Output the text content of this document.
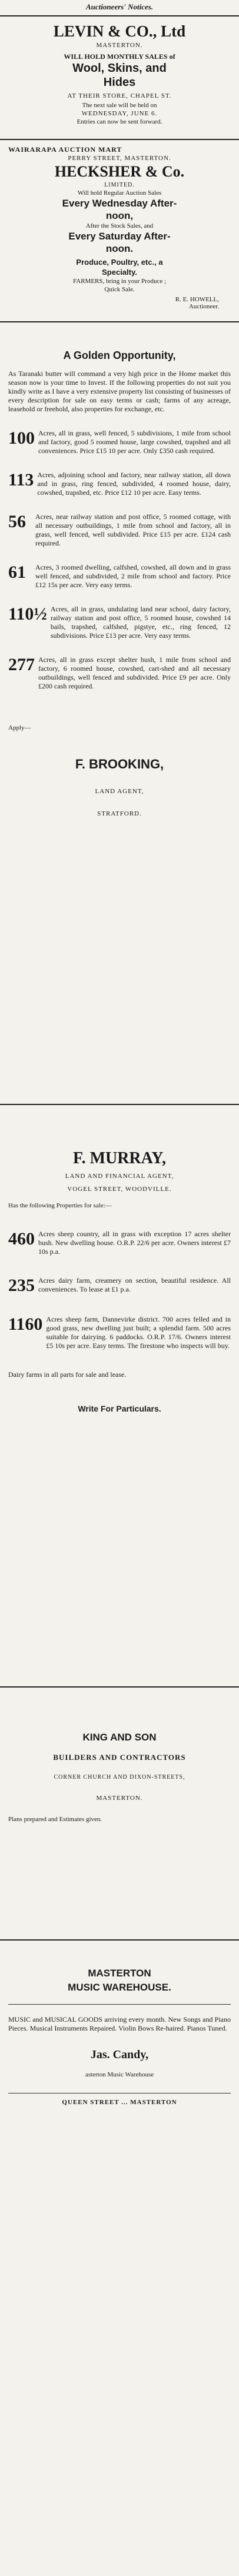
Auctioneers' Notices.
LEVIN & CO., Ltd
MASTERTON.
WILL HOLD MONTHLY SALES of
Wool, Skins, and
Hides
AT THEIR STORE, CHAPEL ST.
The next sale will be held on
WEDNESDAY, JUNE 6.
Entries can now be sent forward.
WAIRARAPA AUCTION MART
PERRY STREET, MASTERTON.
HECKSHER & Co.
LIMITED.
Will hold Regular Auction Sales
Every Wednesday After-
noon,
After the Stock Sales, and
Every Saturday After-
noon.
Produce, Poultry, etc., a
Specialty.
FARMERS, bring in your Produce ;
Quick Sale.
R. E. HOWELL,
Auctioneer.
A Golden Opportunity,
As Taranaki butter will command a very high price in the Home market this season now is your time to Invest. If the following properties do not suit you kindly write as I have a very extensive property list consisting of businesses of every description for sale on easy terms or cash; farms of any acreage, leasehold or freehold, also properties for exchange, etc.
100 Acres, all in grass, well fenced, 5 subdivisions, 1 mile from school and factory, good 5 roomed house, large cowshed, trapshed and all conveniences. Price £15 10 per acre. Only £350 cash required.
113 Acres, adjoining school and factory, near railway station, all down and in grass, ring fenced, subdivided, 4 roomed house, dairy, cowshed, trapshed, etc. Price £12 10 per acre. Easy terms.
56	Acres, near railway station and post office, 5 roomed cottage, with all necessary outbuildings, 1 mile from school and factory, all in grass, well fenced, well subdivided. Price £15 per acre. £124 cash required.
61	Acres, 3 roomed dwelling, calfshed, cowshed, all down and in grass well fenced, and subdivided, 2 mile from school and factory. Price £12 15s per acre. Very easy terms.
110½ Acres, all in grass, undulating land near school, dairy factory, railway station and post office, 5 roomed house, cowshed 14 bails, trapshed, calfshed, pigstye, etc., ring fenced, 12 subdivisions. Price £13 per acre. Very easy terms.
277 Acres, all in grass except shelter bush, 1 mile from school and factory, 6 roomed house, cowshed, cart-shed and all necessary outbuildings, well fenced and subdivided. Price £9 per acre. Only £200 cash required.
Apply—
F. BROOKING,
LAND AGENT,
STRATFORD.
F. MURRAY,
LAND AND FINANCIAL AGENT,
VOGEL STREET, WOODVILLE.
Has the following Properties for sale:—
460 Acres sheep country, all in grass with exception 17 acres shelter bush. New dwelling house. O.R.P. 22/6 per acre. Owners interest £7 10s p.a.
235 Acres dairy farm, creamery on section, beautiful residence. All conveniences. To lease at £1 p.a.
1160 Acres sheep farm, Dannevirke district. 700 acres felled and in good grass, new dwelling just built; a splendid farm. 500 acres suitable for dairying. 6 paddocks. O.R.P. 17/6. Owners interest £5 10s per acre. Easy terms. The firestone who inspects will buy.
Dairy farms in all parts for sale and lease.
Write For Particulars.
KING AND SON
BUILDERS AND CONTRACTORS
CORNER CHURCH AND DIXON-STREETS,
MASTERTON.
Plans prepared and Estimates given.
MASTERTON
MUSIC WAREHOUSE.
MUSIC and MUSICAL GOODS arriving every month. New Songs and Piano Pieces. Musical Instruments Repaired. Violin Bows Re-haired. Pianos Tuned.
Jas. Candy,
asterton Music Warehouse
QUEEN STREET ... MASTERTON
